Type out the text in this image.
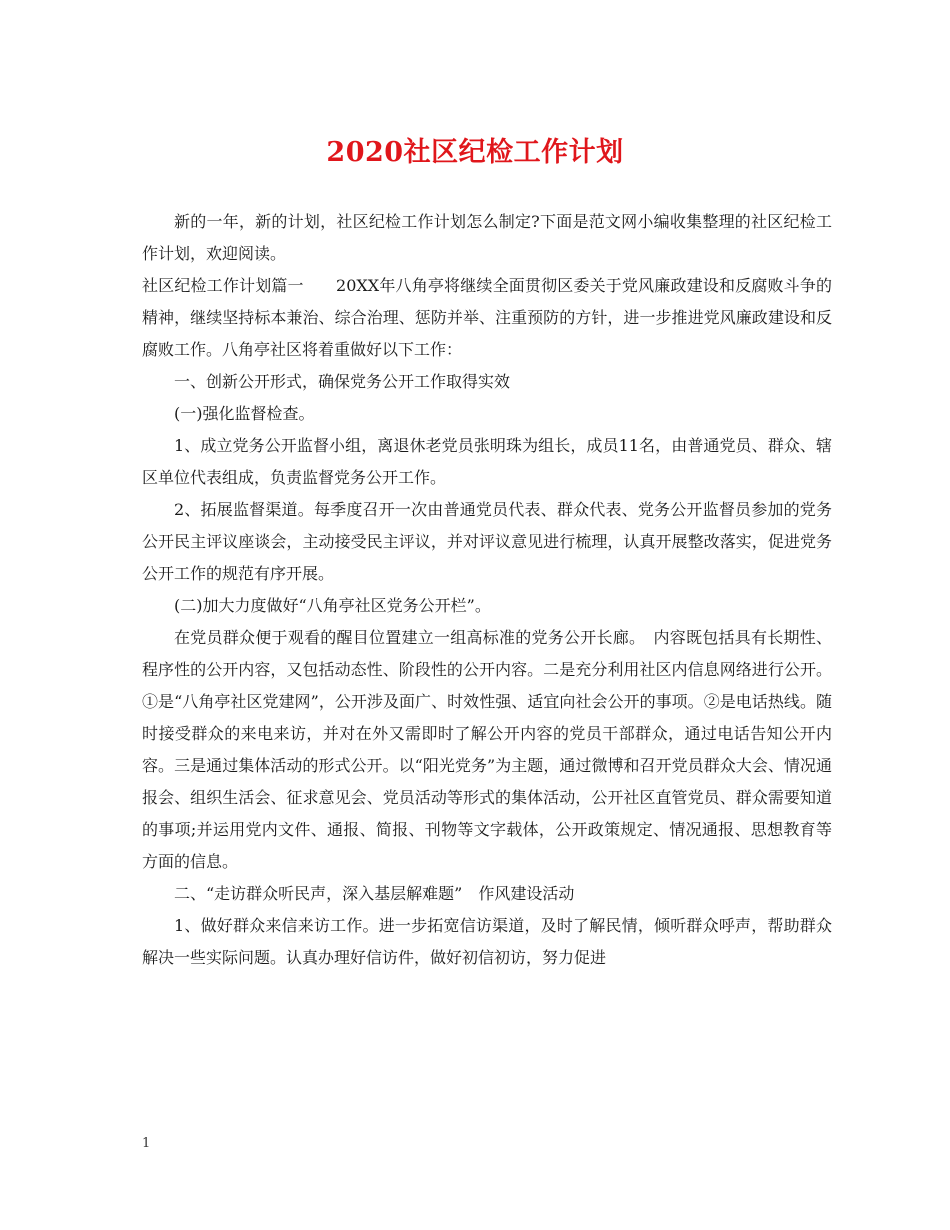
2020社区纪检工作计划

新的一年，新的计划，社区纪检工作计划怎么制定?下面是范文网小编收集整理的社区纪检工作计划，欢迎阅读。

社区纪检工作计划篇一　　20XX年八角亭将继续全面贯彻区委关于党风廉政建设和反腐败斗争的精神，继续坚持标本兼治、综合治理、惩防并举、注重预防的方针，进一步推进党风廉政建设和反腐败工作。八角亭社区将着重做好以下工作：

一、创新公开形式，确保党务公开工作取得实效

(一)强化监督检查。

1、成立党务公开监督小组，离退休老党员张明珠为组长，成员11名，由普通党员、群众、辖区单位代表组成，负责监督党务公开工作。

2、拓展监督渠道。每季度召开一次由普通党员代表、群众代表、党务公开监督员参加的党务公开民主评议座谈会，主动接受民主评议，并对评议意见进行梳理，认真开展整改落实，促进党务公开工作的规范有序开展。

(二)加大力度做好“八角亭社区党务公开栏”。

在党员群众便于观看的醒目位置建立一组高标准的党务公开长廊。　内容既包括具有长期性、程序性的公开内容，又包括动态性、阶段性的公开内容。二是充分利用社区内信息网络进行公开。①是“八角亭社区党建网”，公开涉及面广、时效性强、适宜向社会公开的事项。②是电话热线。随时接受群众的来电来访，并对在外又需即时了解公开内容的党员干部群众，通过电话告知公开内容。三是通过集体活动的形式公开。以“阳光党务”为主题，通过微博和召开党员群众大会、情况通报会、组织生活会、征求意见会、党员活动等形式的集体活动，公开社区直管党员、群众需要知道的事项;并运用党内文件、通报、简报、刊物等文字载体，公开政策规定、情况通报、思想教育等方面的信息。

二、“走访群众听民声，深入基层解难题”　作风建设活动

1、做好群众来信来访工作。进一步拓宽信访渠道，及时了解民情，倾听群众呼声，帮助群众解决一些实际问题。认真办理好信访件，做好初信初访，努力促进

1
